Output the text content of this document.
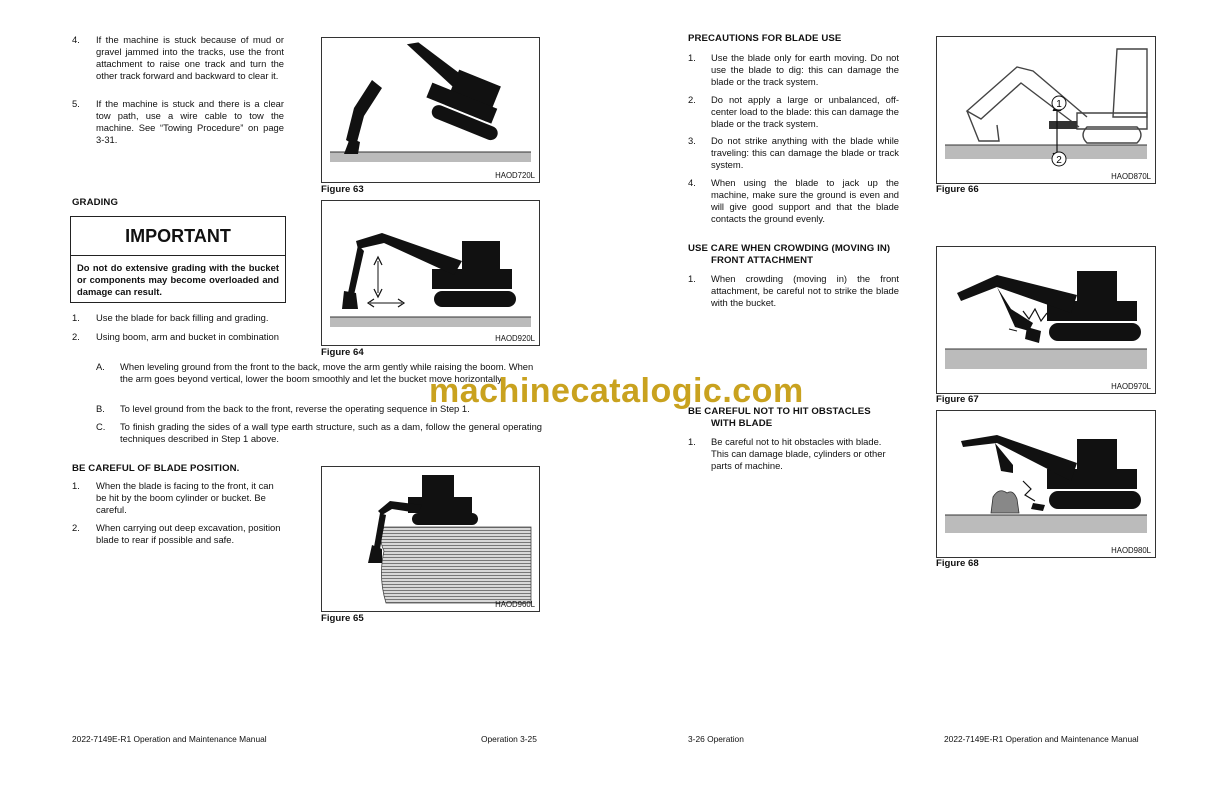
4. If the machine is stuck because of mud or gravel jammed into the tracks, use the front attachment to raise one track and turn the other track forward and backward to clear it.
5. If the machine is stuck and there is a clear tow path, use a wire cable to tow the machine. See “Towing Procedure” on page 3-31.
HAOD720L
Figure 63
GRADING
IMPORTANT
Do not do extensive grading with the bucket or components may become overloaded and damage can result.
HAOD920L
Figure 64
1. Use the blade for back filling and grading.
2. Using boom, arm and bucket in combination
A. When leveling ground from the front to the back, move the arm gently while raising the boom. When the arm goes beyond vertical, lower the boom smoothly and let the bucket move horizontally.
B. To level ground from the back to the front, reverse the operating sequence in Step 1.
C. To finish grading the sides of a wall type earth structure, such as a dam, follow the general operating techniques described in Step 1 above.
BE CAREFUL OF BLADE POSITION.
1. When the blade is facing to the front, it can be hit by the boom cylinder or bucket. Be careful.
2. When carrying out deep excavation, position blade to rear if possible and safe.
HAOD960L
Figure 65
2022-7149E-R1 Operation and Maintenance Manual	Operation 3-25
PRECAUTIONS FOR BLADE USE
1. Use the blade only for earth moving. Do not use the blade to dig: this can damage the blade or the track system.
2. Do not apply a large or unbalanced, off-center load to the blade: this can damage the blade or the track system.
3. Do not strike anything with the blade while traveling: this can damage the blade or track system.
4. When using the blade to jack up the machine, make sure the ground is even and will give good support and that the blade contacts the ground evenly.
USE CARE WHEN CROWDING (MOVING IN)
FRONT ATTACHMENT
1. When crowding (moving in) the front attachment, be careful not to strike the blade with the bucket.
BE CAREFUL NOT TO HIT OBSTACLES
WITH BLADE
1. Be careful not to hit obstacles with blade. This can damage blade, cylinders or other parts of machine.
1
2
HAOD870L
Figure 66
HAOD970L
Figure 67
HAOD980L
Figure 68
3-26 Operation	2022-7149E-R1 Operation and Maintenance Manual
machinecatalogic.com
